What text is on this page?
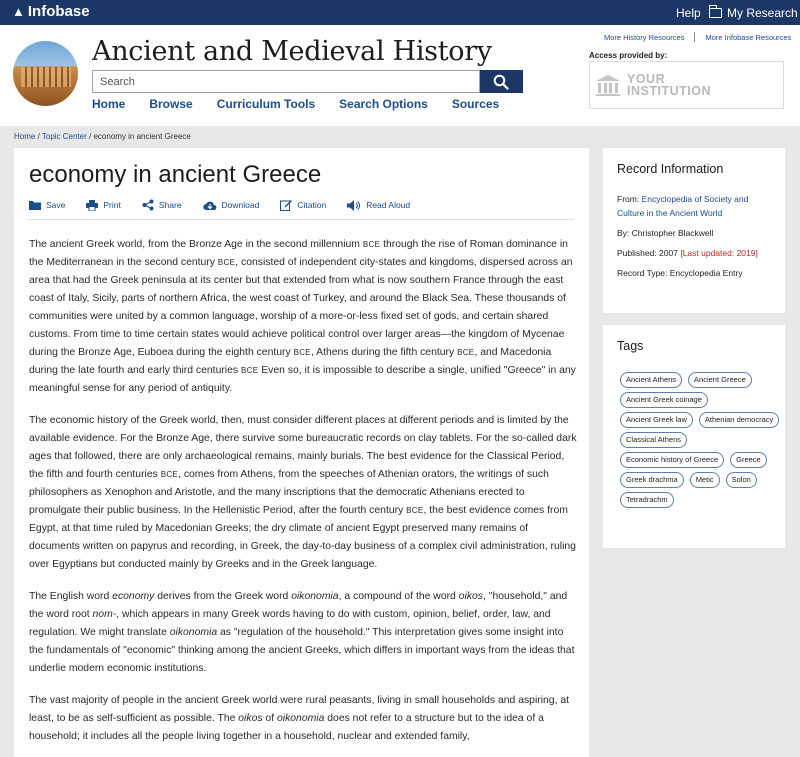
▲ Infobase	Help My Research
Ancient and Medieval History
Search
Home Browse Curriculum Tools Search Options Sources
More History Resources	More Infobase Resources
Access provided by:
YOUR
INSTITUTION
Home / Topic Center / economy in ancient Greece
economy in ancient Greece
Save	Print	Share	Download	Citation	Read Aloud

The ancient Greek world, from the Bronze Age in the second millennium BCE through the rise of Roman dominance in the Mediterranean in the second century BCE, consisted of independent city-states and kingdoms, dispersed across an area that had the Greek peninsula at its center but that extended from what is now southern France through the east coast of Italy, Sicily, parts of northern Africa, the west coast of Turkey, and around the Black Sea. These thousands of communities were united by a common language, worship of a more-or-less fixed set of gods, and certain shared customs. From time to time certain states would achieve political control over larger areas—the kingdom of Mycenae during the Bronze Age, Euboea during the eighth century BCE, Athens during the fifth century BCE, and Macedonia during the late fourth and early third centuries BCE Even so, it is impossible to describe a single, unified "Greece" in any meaningful sense for any period of antiquity.

The economic history of the Greek world, then, must consider different places at different periods and is limited by the available evidence. For the Bronze Age, there survive some bureaucratic records on clay tablets. For the so-called dark ages that followed, there are only archaeological remains, mainly burials. The best evidence for the Classical Period, the fifth and fourth centuries BCE, comes from Athens, from the speeches of Athenian orators, the writings of such philosophers as Xenophon and Aristotle, and the many inscriptions that the democratic Athenians erected to promulgate their public business. In the Hellenistic Period, after the fourth century BCE, the best evidence comes from Egypt, at that time ruled by Macedonian Greeks; the dry climate of ancient Egypt preserved many remains of documents written on papyrus and recording, in Greek, the day-to-day business of a complex civil administration, ruling over Egyptians but conducted mainly by Greeks and in the Greek language.

The English word economy derives from the Greek word oikonomia, a compound of the word oikos, "household," and the word root nom-, which appears in many Greek words having to do with custom, opinion, belief, order, law, and regulation. We might translate oikonomia as "regulation of the household." This interpretation gives some insight into the fundamentals of "economic" thinking among the ancient Greeks, which differs in important ways from the ideas that underlie modern economic institutions.

The vast majority of people in the ancient Greek world were rural peasants, living in small households and aspiring, at least, to be as self-sufficient as possible. The oikos of oikonomia does not refer to a structure but to the idea of a household; it includes all the people living together in a household, nuclear and extended family,

Record Information
From: Encyclopedia of Society and Culture in the Ancient World
By: Christopher Blackwell
Published: 2007 [Last updated: 2019]
Record Type: Encyclopedia Entry
Tags
Ancient Athens	Ancient Greece
Ancient Greek coinage
Ancient Greek law	Athenian democracy
Classical Athens
Economic history of Greece	Greece
Greek drachma	Metic	Solon
Tetradrachm
